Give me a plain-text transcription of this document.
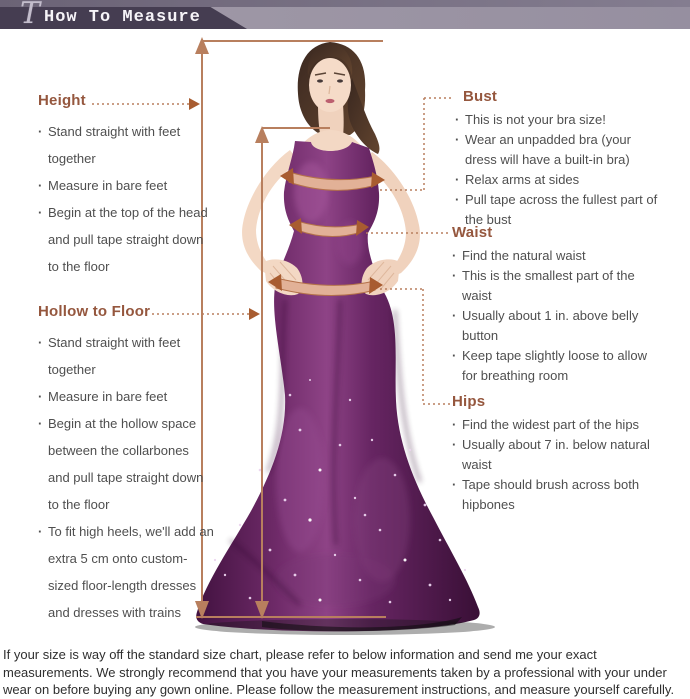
T How To Measure
Height
· Stand straight with feet together
· Measure in bare feet
· Begin at the top of the head and pull tape straight down to the floor
Hollow to Floor
· Stand straight with feet together
· Measure in bare feet
· Begin at the hollow space between the collarbones and pull tape straight down to the floor
· To fit high heels, we'll add an extra 5 cm onto custom-sized floor-length dresses and dresses with trains
Bust
· This is not your bra size!
· Wear an unpadded bra (your dress will have a built-in bra)
· Relax arms at sides
· Pull tape across the fullest part of the bust
Waist
· Find the natural waist
· This is the smallest part of the waist
· Usually about 1 in. above belly button
· Keep tape slightly loose to allow for breathing room
Hips
· Find the widest part of the hips
· Usually about 7 in. below natural waist
· Tape should brush across both hipbones
If your size is way off the standard size chart, please refer to below information and send me your exact measurements. We strongly recommend that you have your measurements taken by a professional with your under wear on before buying any gown online. Please follow the measurement instructions, and measure yourself carefully.
